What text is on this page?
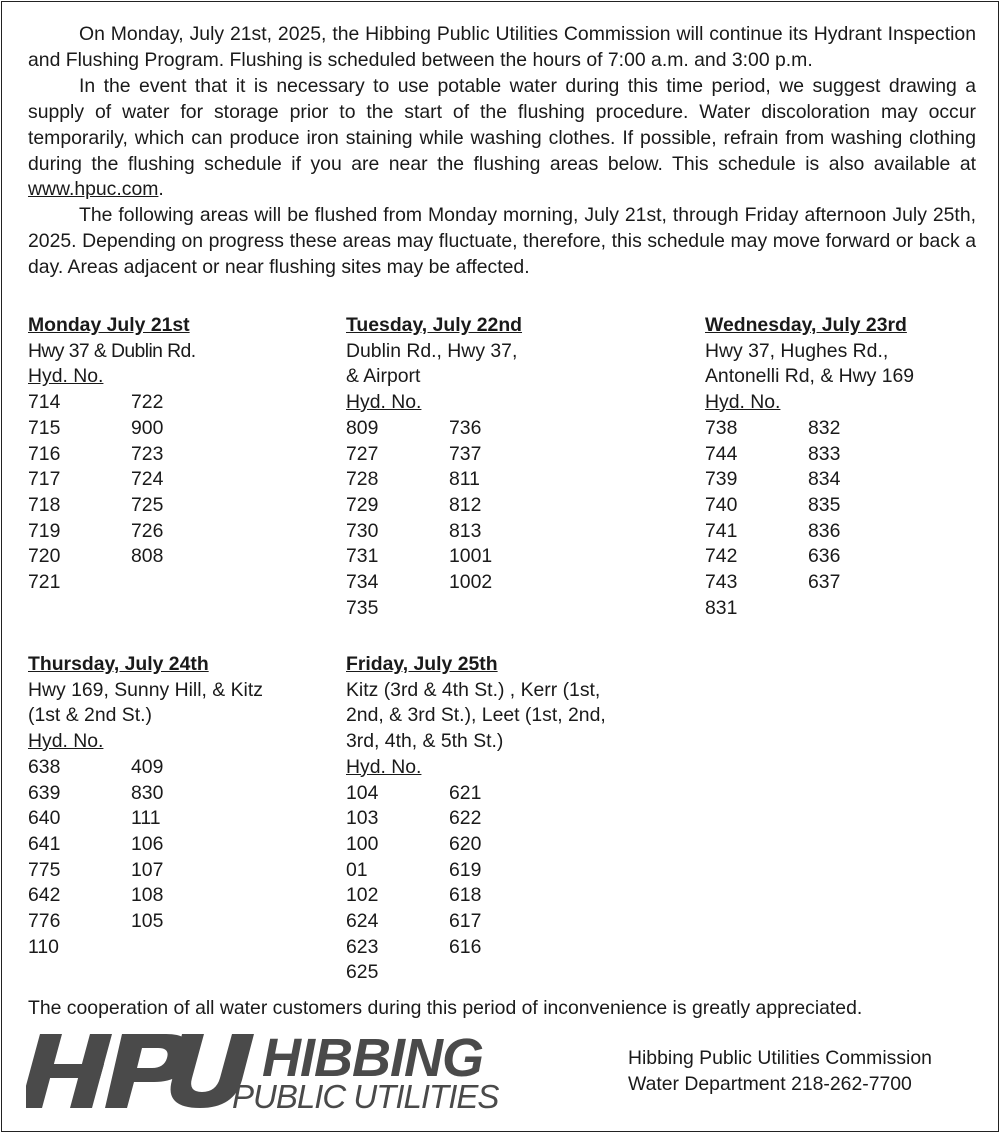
On Monday, July 21st, 2025, the Hibbing Public Utilities Commission will continue its Hydrant Inspection and Flushing Program. Flushing is scheduled between the hours of 7:00 a.m. and 3:00 p.m.

In the event that it is necessary to use potable water during this time period, we suggest drawing a supply of water for storage prior to the start of the flushing procedure. Water discoloration may occur temporarily, which can produce iron staining while washing clothes. If possible, refrain from washing clothing during the flushing schedule if you are near the flushing areas below. This schedule is also available at www.hpuc.com.

The following areas will be flushed from Monday morning, July 21st, through Friday afternoon July 25th, 2025. Depending on progress these areas may fluctuate, therefore, this schedule may move forward or back a day. Areas adjacent or near flushing sites may be affected.

Monday July 21st
Hwy 37 & Dublin Rd.
Hyd. No.
714	722
715	900
716	723
717	724
718	725
719	726
720	808
721
Tuesday, July 22nd
Dublin Rd., Hwy 37,
& Airport
Hyd. No.
809	736
727	737
728	811
729	812
730	813
731	1001
734	1002
735
Wednesday, July 23rd
Hwy 37, Hughes Rd.,
Antonelli Rd, & Hwy 169
Hyd. No.
738	832
744	833
739	834
740	835
741	836
742	636
743	637
831
Thursday, July 24th
Hwy 169, Sunny Hill, & Kitz
(1st & 2nd St.)
Hyd. No.
638	409
639	830
640	111
641	106
775	107
642	108
776	105
110
Friday, July 25th
Kitz (3rd & 4th St.) , Kerr (1st,
2nd, & 3rd St.), Leet (1st, 2nd,
3rd, 4th, & 5th St.)
Hyd. No.
104	621
103	622
100	620
01	619
102	618
624	617
623	616
625
The cooperation of all water customers during this period of inconvenience is greatly appreciated.
HIBBING
PUBLIC UTILITIES
HPU
Hibbing Public Utilities Commission
Water Department 218-262-7700
